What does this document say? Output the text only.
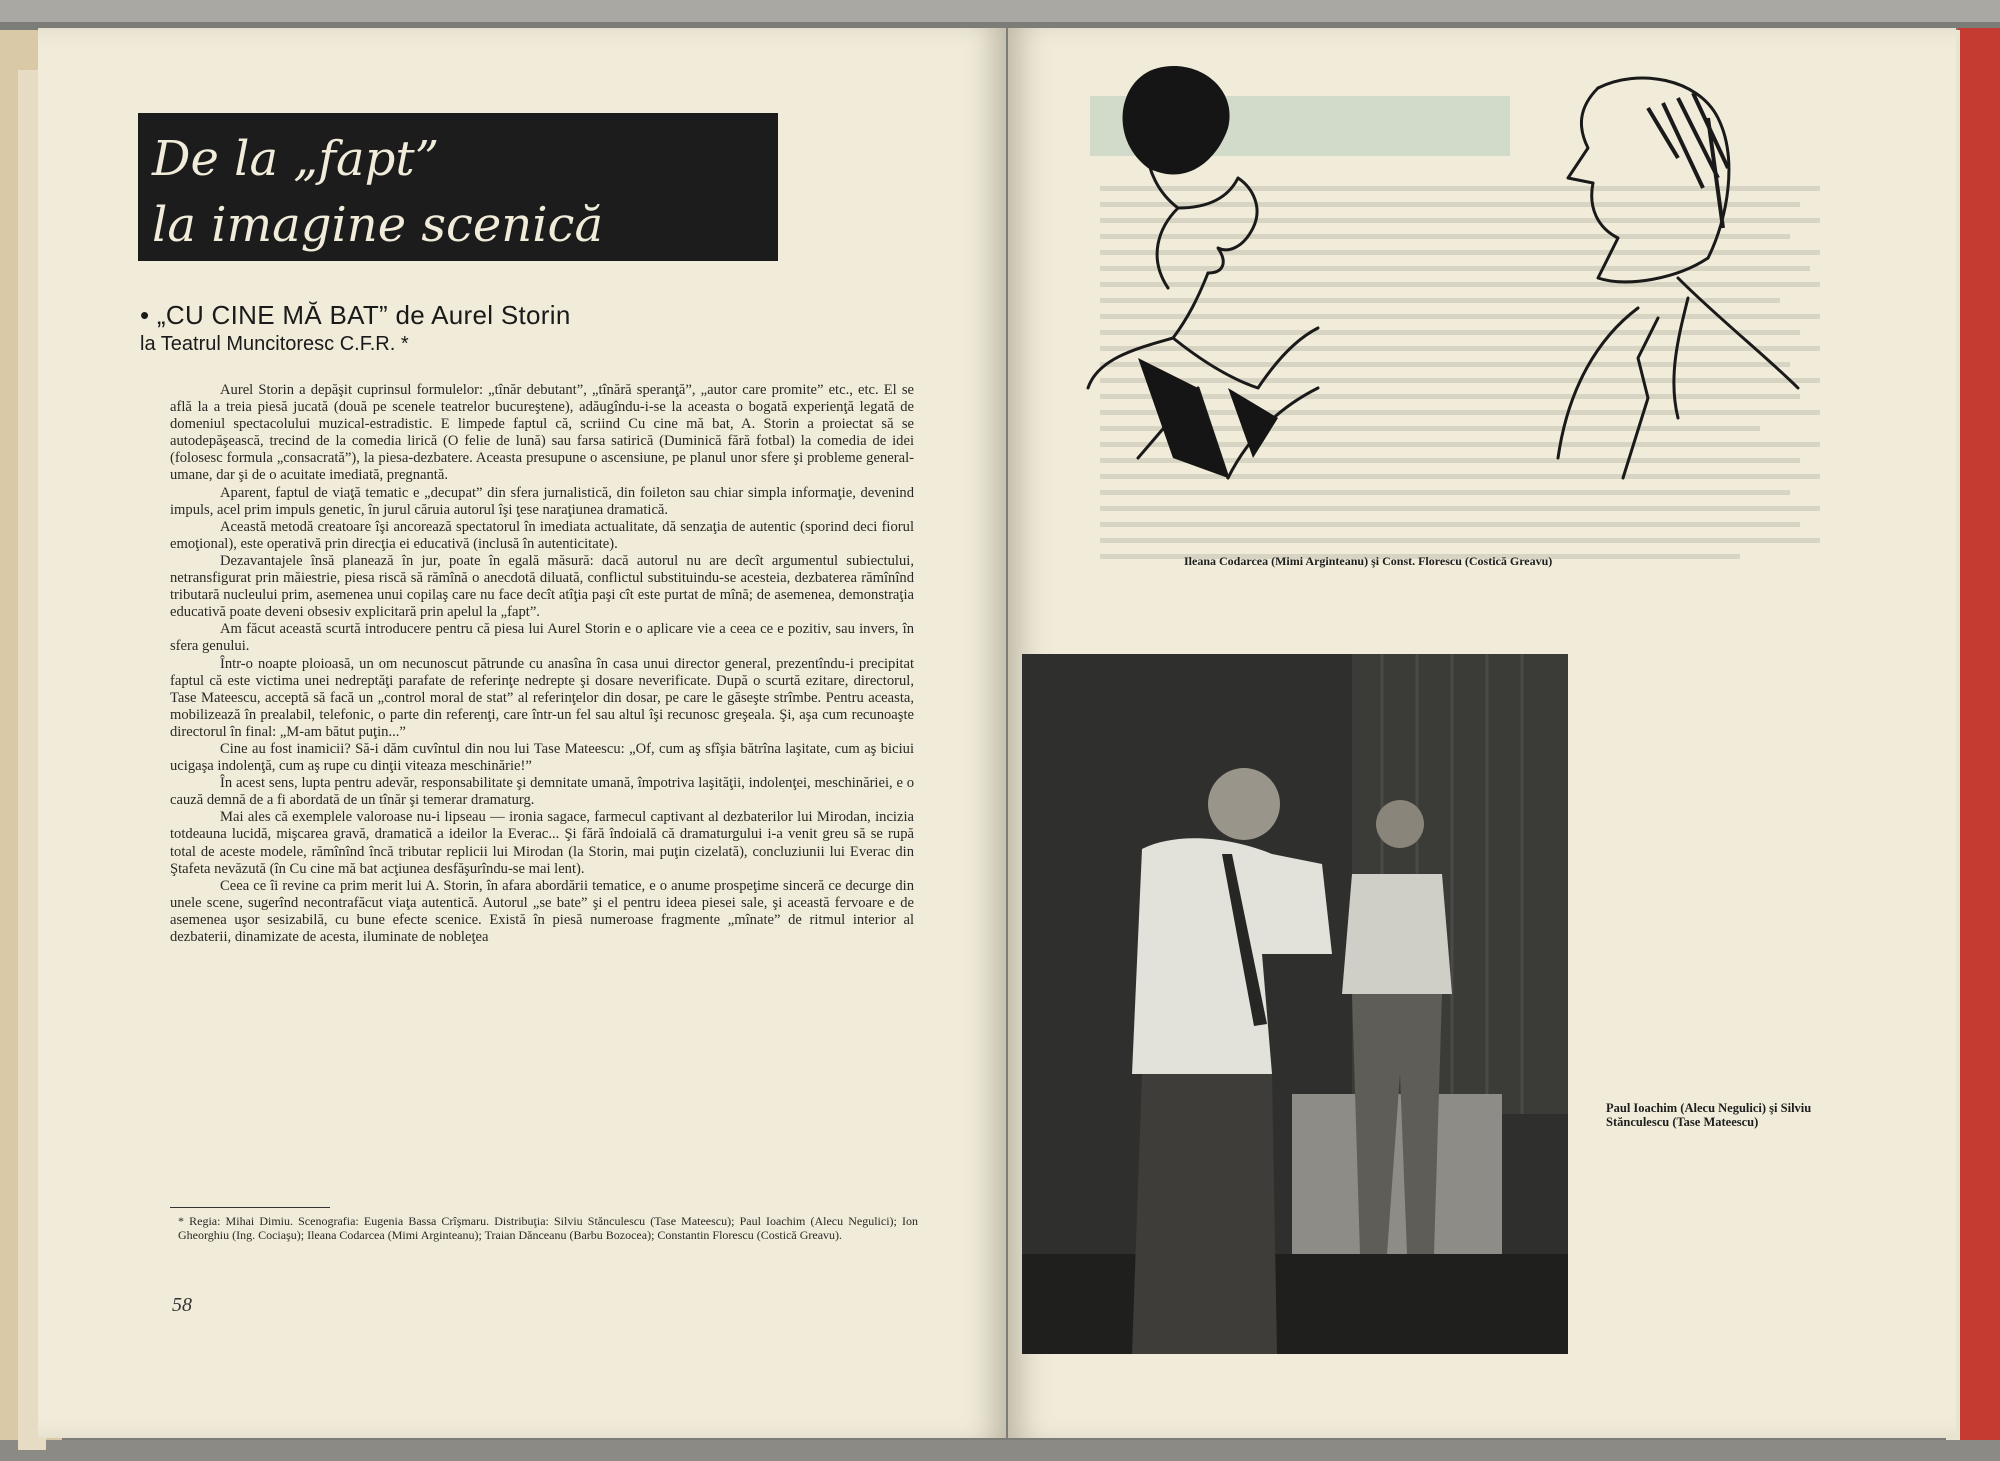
De la „fapt”
la imagine scenică
• „CU CINE MĂ BAT” de Aurel Storin
la Teatrul Muncitoresc C.F.R. *

Aurel Storin a depăşit cuprinsul formulelor: „tînăr debutant”, „tînără speranţă”, „autor care promite” etc., etc. El se află la a treia piesă jucată (două pe scenele teatrelor bucureştene), adăugîndu-i-se la aceasta o bogată experienţă legată de domeniul spectacolului muzical-estradistic. E limpede faptul că, scriind Cu cine mă bat, A. Storin a proiectat să se autodepăşească, trecind de la comedia lirică (O felie de lună) sau farsa satirică (Duminică fără fotbal) la comedia de idei (folosesc formula „consacrată”), la piesa-dezbatere. Aceasta presupune o ascensiune, pe planul unor sfere şi probleme general-umane, dar şi de o acuitate imediată, pregnantă.

Aparent, faptul de viaţă tematic e „decupat” din sfera jurnalistică, din foileton sau chiar simpla informaţie, devenind impuls, acel prim impuls genetic, în jurul căruia autorul îşi ţese naraţiunea dramatică.

Această metodă creatoare îşi ancorează spectatorul în imediata actualitate, dă senzaţia de autentic (sporind deci fiorul emoţional), este operativă prin direcţia ei educativă (inclusă în autenticitate).

Dezavantajele însă planează în jur, poate în egală măsură: dacă autorul nu are decît argumentul subiectului, netransfigurat prin măiestrie, piesa riscă să rămînă o anecdotă diluată, conflictul substituindu-se acesteia, dezbaterea rămînînd tributară nucleului prim, asemenea unui copilaş care nu face decît atîţia paşi cît este purtat de mînă; de asemenea, demonstraţia educativă poate deveni obsesiv explicitară prin apelul la „fapt”.

Am făcut această scurtă introducere pentru că piesa lui Aurel Storin e o aplicare vie a ceea ce e pozitiv, sau invers, în sfera genului.

Într-o noapte ploioasă, un om necunoscut pătrunde cu anasîna în casa unui director general, prezentîndu-i precipitat faptul că este victima unei nedreptăţi parafate de referinţe nedrepte şi dosare neverificate. După o scurtă ezitare, directorul, Tase Mateescu, acceptă să facă un „control moral de stat” al referinţelor din dosar, pe care le găseşte strîmbe. Pentru aceasta, mobilizează în prealabil, telefonic, o parte din referenţi, care într-un fel sau altul îşi recunosc greşeala. Şi, aşa cum recunoaşte directorul în final: „M-am bătut puţin...”

Cine au fost inamicii? Să-i dăm cuvîntul din nou lui Tase Mateescu: „Of, cum aş sfîşia bătrîna laşitate, cum aş biciui ucigaşa indolenţă, cum aş rupe cu dinţii viteaza meschinărie!”

În acest sens, lupta pentru adevăr, responsabilitate şi demnitate umană, împotriva laşităţii, indolenţei, meschinăriei, e o cauză demnă de a fi abordată de un tînăr şi temerar dramaturg.

Mai ales că exemplele valoroase nu-i lipseau — ironia sagace, farmecul captivant al dezbaterilor lui Mirodan, incizia totdeauna lucidă, mişcarea gravă, dramatică a ideilor la Everac... Şi fără îndoială că dramaturgului i-a venit greu să se rupă total de aceste modele, rămînînd încă tributar replicii lui Mirodan (la Storin, mai puţin cizelată), concluziunii lui Everac din Ştafeta nevăzută (în Cu cine mă bat acţiunea desfăşurîndu-se mai lent).

Ceea ce îi revine ca prim merit lui A. Storin, în afara abordării tematice, e o anume prospeţime sinceră ce decurge din unele scene, sugerînd necontrafăcut viaţa autentică. Autorul „se bate” şi el pentru ideea piesei sale, şi această fervoare e de asemenea uşor sesizabilă, cu bune efecte scenice. Există în piesă numeroase fragmente „mînate” de ritmul interior al dezbaterii, dinamizate de acesta, iluminate de nobleţea

* Regia: Mihai Dimiu. Scenografia: Eugenia Bassa Crîşmaru. Distribuţia: Silviu Stănculescu (Tase Mateescu); Paul Ioachim (Alecu Negulici); Ion Gheorghiu (Ing. Cociaşu); Ileana Codarcea (Mimi Arginteanu); Traian Dănceanu (Barbu Bozocea); Constantin Florescu (Costică Greavu).
58
Ileana Codarcea (Mimi Arginteanu) şi Const. Florescu (Costică Greavu)
Paul Ioachim (Alecu Negulici) şi Silviu Stănculescu (Tase Mateescu)
